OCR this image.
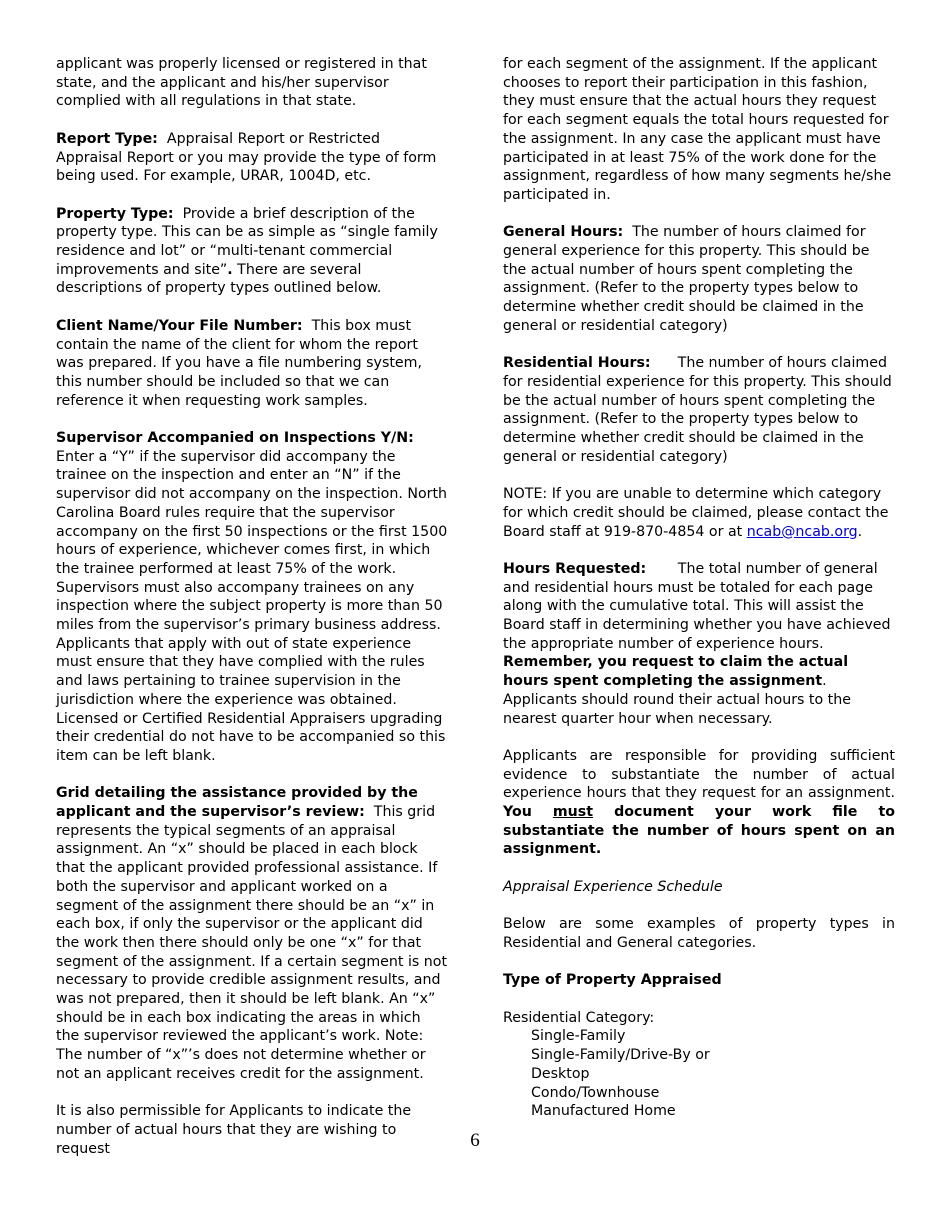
applicant was properly licensed or registered in that state, and the applicant and his/her supervisor complied with all regulations in that state.

Report Type: Appraisal Report or Restricted Appraisal Report or you may provide the type of form being used. For example, URAR, 1004D, etc.

Property Type: Provide a brief description of the property type. This can be as simple as “single family residence and lot” or “multi-tenant commercial improvements and site”. There are several descriptions of property types outlined below.

Client Name/Your File Number: This box must contain the name of the client for whom the report was prepared. If you have a file numbering system, this number should be included so that we can reference it when requesting work samples.

Supervisor Accompanied on Inspections Y/N:
Enter a “Y” if the supervisor did accompany the trainee on the inspection and enter an “N” if the supervisor did not accompany on the inspection. North Carolina Board rules require that the supervisor accompany on the first 50 inspections or the first 1500 hours of experience, whichever comes first, in which the trainee performed at least 75% of the work. Supervisors must also accompany trainees on any inspection where the subject property is more than 50 miles from the supervisor’s primary business address. Applicants that apply with out of state experience must ensure that they have complied with the rules and laws pertaining to trainee supervision in the jurisdiction where the experience was obtained. Licensed or Certified Residential Appraisers upgrading their credential do not have to be accompanied so this item can be left blank.

Grid detailing the assistance provided by the applicant and the supervisor’s review: This grid represents the typical segments of an appraisal assignment. An “x” should be placed in each block that the applicant provided professional assistance. If both the supervisor and applicant worked on a segment of the assignment there should be an “x” in each box, if only the supervisor or the applicant did the work then there should only be one “x” for that segment of the assignment. If a certain segment is not necessary to provide credible assignment results, and was not prepared, then it should be left blank. An “x” should be in each box indicating the areas in which the supervisor reviewed the applicant’s work. Note: The number of “x”’s does not determine whether or not an applicant receives credit for the assignment.

It is also permissible for Applicants to indicate the number of actual hours that they are wishing to request

for each segment of the assignment. If the applicant chooses to report their participation in this fashion, they must ensure that the actual hours they request for each segment equals the total hours requested for the assignment. In any case the applicant must have participated in at least 75% of the work done for the assignment, regardless of how many segments he/she participated in.

General Hours: The number of hours claimed for general experience for this property. This should be the actual number of hours spent completing the assignment. (Refer to the property types below to determine whether credit should be claimed in the general or residential category)

Residential Hours: The number of hours claimed for residential experience for this property. This should be the actual number of hours spent completing the assignment. (Refer to the property types below to determine whether credit should be claimed in the general or residential category)

NOTE: If you are unable to determine which category for which credit should be claimed, please contact the Board staff at 919-870-4854 or at ncab@ncab.org.

Hours Requested: The total number of general and residential hours must be totaled for each page along with the cumulative total. This will assist the Board staff in determining whether you have achieved the appropriate number of experience hours. Remember, you request to claim the actual hours spent completing the assignment. Applicants should round their actual hours to the nearest quarter hour when necessary.

Applicants are responsible for providing sufficient evidence to substantiate the number of actual experience hours that they request for an assignment. You must document your work file to substantiate the number of hours spent on an assignment.

Appraisal Experience Schedule

Below are some examples of property types in Residential and General categories.

Type of Property Appraised

Residential Category:
Single-Family
Single-Family/Drive-By or Desktop
Condo/Townhouse
Manufactured Home
6
